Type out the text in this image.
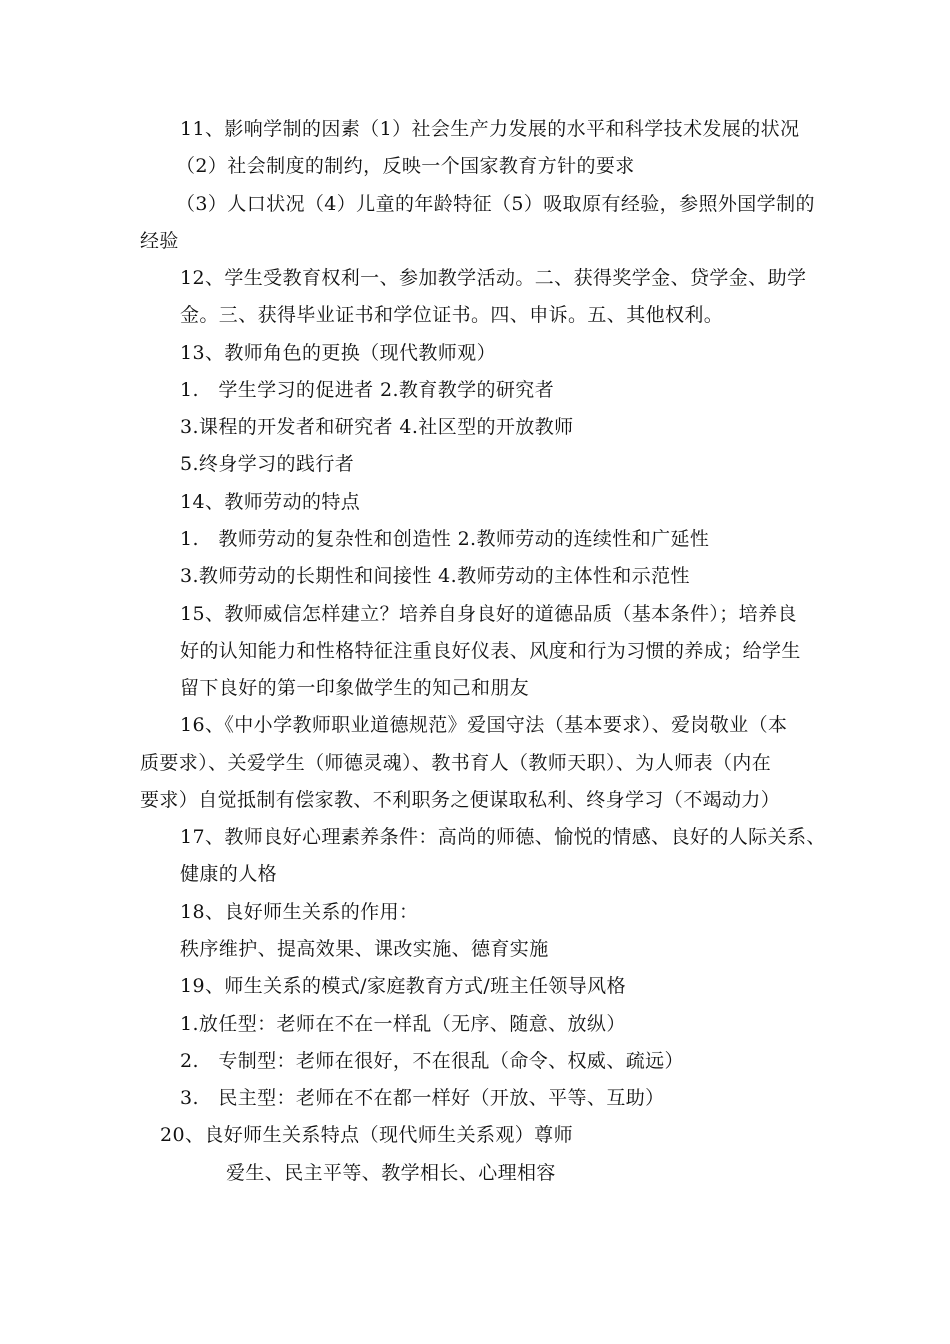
11、影响学制的因素（1）社会生产力发展的水平和科学技术发展的状况
（2）社会制度的制约，反映一个国家教育方针的要求
（3）人口状况（4）儿童的年龄特征（5）吸取原有经验，参照外国学制的
经验
12、学生受教育权利一、参加教学活动。二、获得奖学金、贷学金、助学
金。三、获得毕业证书和学位证书。四、申诉。五、其他权利。
13、教师角色的更换（现代教师观）
1.　学生学习的促进者 2.教育教学的研究者
3.课程的开发者和研究者 4.社区型的开放教师
5.终身学习的践行者
14、教师劳动的特点
1.　教师劳动的复杂性和创造性 2.教师劳动的连续性和广延性
3.教师劳动的长期性和间接性 4.教师劳动的主体性和示范性
15、教师威信怎样建立？培养自身良好的道德品质（基本条件）；培养良
好的认知能力和性格特征注重良好仪表、风度和行为习惯的养成；给学生
留下良好的第一印象做学生的知己和朋友
16、《中小学教师职业道德规范》爱国守法（基本要求）、爱岗敬业（本
质要求）、关爱学生（师德灵魂）、教书育人（教师天职）、为人师表（内在
要求）自觉抵制有偿家教、不利职务之便谋取私利、终身学习（不竭动力）
17、教师良好心理素养条件：高尚的师德、愉悦的情感、良好的人际关系、
健康的人格
18、良好师生关系的作用：
秩序维护、提高效果、课改实施、德育实施
19、师生关系的模式/家庭教育方式/班主任领导风格
1.放任型：老师在不在一样乱（无序、随意、放纵）
2.　专制型：老师在很好，不在很乱（命令、权威、疏远）
3.　民主型：老师在不在都一样好（开放、平等、互助）
20、良好师生关系特点（现代师生关系观）尊师
爱生、民主平等、教学相长、心理相容
